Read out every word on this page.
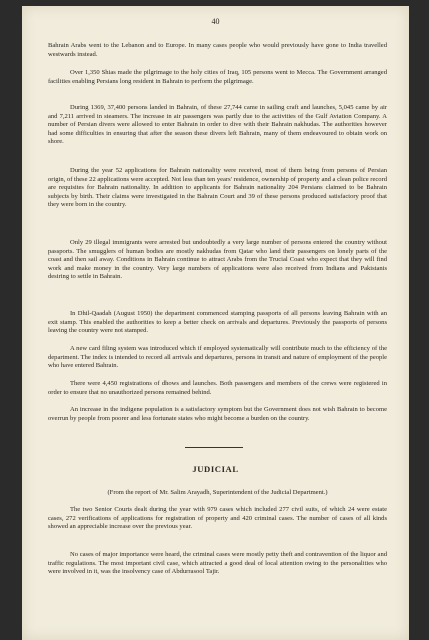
40

Bahrain Arabs went to the Lebanon and to Europe. In many cases people who would previously have gone to India travelled westwards instead.

Over 1,350 Shias made the pilgrimage to the holy cities of Iraq, 105 persons went to Mecca. The Government arranged facilities enabling Persians long resident in Bahrain to perform the pilgrimage.

During 1369, 37,400 persons landed in Bahrain, of these 27,744 came in sailing craft and launches, 5,045 came by air and 7,211 arrived in steamers. The increase in air passengers was partly due to the activities of the Gulf Aviation Company. A number of Persian divers were allowed to enter Bahrain in order to dive with their Bahrain nakhudas. The authorities however had some difficulties in ensuring that after the season these divers left Bahrain, many of them endeavoured to obtain work on shore.

During the year 52 applications for Bahrain nationality were received, most of them being from persons of Persian origin, of these 22 applications were accepted. Not less than ten years' residence, ownership of property and a clean police record are requisites for Bahrain nationality. In addition to applicants for Bahrain nationality 204 Persians claimed to be Bahrain subjects by birth. Their claims were investigated in the Bahrain Court and 39 of these persons produced satisfactory proof that they were born in the country.

Only 29 illegal immigrants were arrested but undoubtedly a very large number of persons entered the country without passports. The smugglers of human bodies are mostly nakhudas from Qatar who land their passengers on lonely parts of the coast and then sail away. Conditions in Bahrain continue to attract Arabs from the Trucial Coast who expect that they will find work and make money in the country. Very large numbers of applications were also received from Indians and Pakistanis desiring to settle in Bahrain.

In Dhil-Qaadah (August 1950) the department commenced stamping passports of all persons leaving Bahrain with an exit stamp. This enabled the authorities to keep a better check on arrivals and departures. Previously the passports of persons leaving the country were not stamped.

A new card filing system was introduced which if employed systematically will contribute much to the efficiency of the department. The index is intended to record all arrivals and departures, persons in transit and nature of employment of the people who have entered Bahrain.

There were 4,450 registrations of dhows and launches. Both passengers and members of the crews were registered in order to ensure that no unauthorized persons remained behind.

An increase in the indigene population is a satisfactory symptom but the Government does not wish Bahrain to become overrun by people from poorer and less fortunate states who might become a burden on the country.

(From the report of Mr. Salim Arayadh, Superintendent of the Judicial Department.)

The two Senior Courts dealt during the year with 979 cases which included 277 civil suits, of which 24 were estate cases, 272 verifications of applications for registration of property and 420 criminal cases. The number of cases of all kinds showed an appreciable increase over the previous year.

No cases of major importance were heard, the criminal cases were mostly petty theft and contravention of the liquor and traffic regulations. The most important civil case, which attracted a good deal of local attention owing to the personalities who were involved in it, was the insolvency case of Abdurrasool Tajir.

JUDICIAL
